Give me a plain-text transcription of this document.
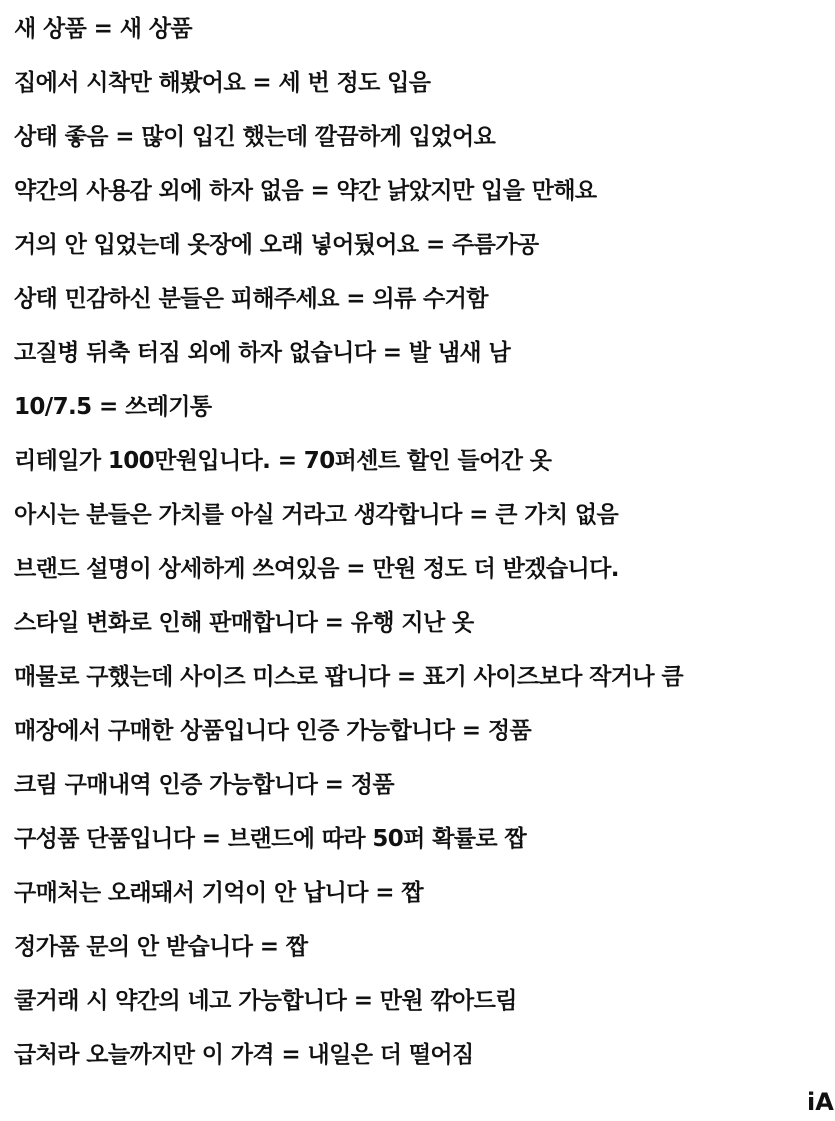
새 상품 = 새 상품
집에서 시착만 해봤어요 = 세 번 정도 입음
상태 좋음 = 많이 입긴 했는데 깔끔하게 입었어요
약간의 사용감 외에 하자 없음 = 약간 낡았지만 입을 만해요
거의 안 입었는데 옷장에 오래 넣어뒀어요 = 주름가공
상태 민감하신 분들은 피해주세요 = 의류 수거함
고질병 뒤축 터짐 외에 하자 없습니다 = 발 냄새 남
10/7.5 = 쓰레기통
리테일가 100만원입니다. = 70퍼센트 할인 들어간 옷
아시는 분들은 가치를 아실 거라고 생각합니다 = 큰 가치 없음
브랜드 설명이 상세하게 쓰여있음 = 만원 정도 더 받겠습니다.
스타일 변화로 인해 판매합니다 = 유행 지난 옷
매물로 구했는데 사이즈 미스로 팝니다 = 표기 사이즈보다 작거나 큼
매장에서 구매한 상품입니다 인증 가능합니다 = 정품
크림 구매내역 인증 가능합니다 = 정품
구성품 단품입니다 = 브랜드에 따라 50퍼 확률로 짭
구매처는 오래돼서 기억이 안 납니다 = 짭
정가품 문의 안 받습니다 = 짭
쿨거래 시 약간의 네고 가능합니다 = 만원 깎아드림
급처라 오늘까지만 이 가격 = 내일은 더 떨어짐
iA
